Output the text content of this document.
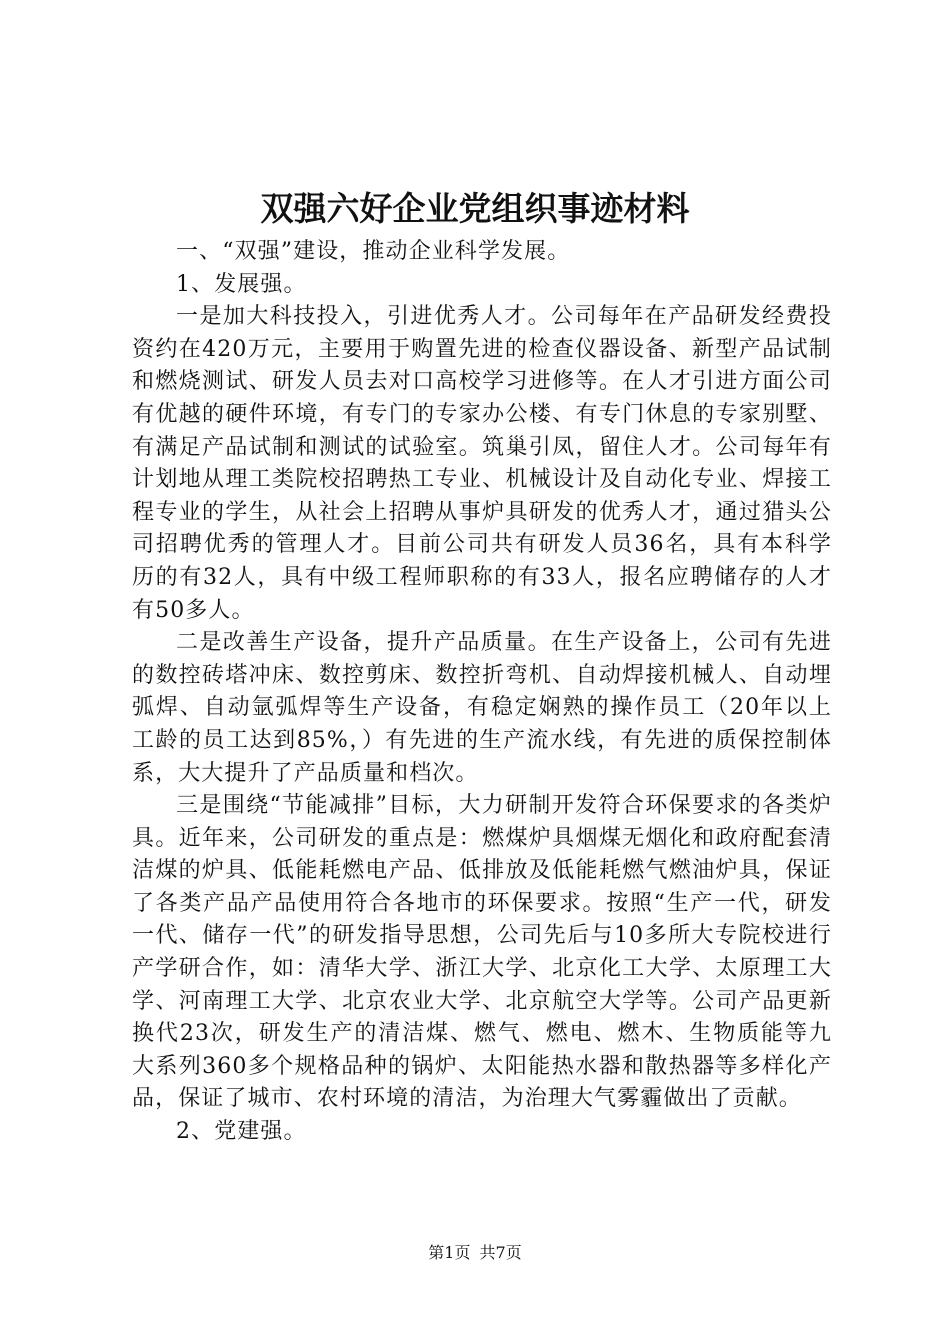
双强六好企业党组织事迹材料

一、“双强”建设，推动企业科学发展。

1、发展强。

一是加大科技投入，引进优秀人才。公司每年在产品研发经费投资约在420万元，主要用于购置先进的检查仪器设备、新型产品试制和燃烧测试、研发人员去对口高校学习进修等。在人才引进方面公司有优越的硬件环境，有专门的专家办公楼、有专门休息的专家别墅、有满足产品试制和测试的试验室。筑巢引凤，留住人才。公司每年有计划地从理工类院校招聘热工专业、机械设计及自动化专业、焊接工程专业的学生，从社会上招聘从事炉具研发的优秀人才，通过猎头公司招聘优秀的管理人才。目前公司共有研发人员36名，具有本科学历的有32人，具有中级工程师职称的有33人，报名应聘储存的人才有50多人。

二是改善生产设备，提升产品质量。在生产设备上，公司有先进的数控砖塔冲床、数控剪床、数控折弯机、自动焊接机械人、自动埋弧焊、自动氩弧焊等生产设备，有稳定娴熟的操作员工（20年以上工龄的员工达到85%，）有先进的生产流水线，有先进的质保控制体系，大大提升了产品质量和档次。

三是围绕“节能减排”目标，大力研制开发符合环保要求的各类炉具。近年来，公司研发的重点是：燃煤炉具烟煤无烟化和政府配套清洁煤的炉具、低能耗燃电产品、低排放及低能耗燃气燃油炉具，保证了各类产品产品使用符合各地市的环保要求。按照“生产一代，研发一代、储存一代”的研发指导思想，公司先后与10多所大专院校进行产学研合作，如：清华大学、浙江大学、北京化工大学、太原理工大学、河南理工大学、北京农业大学、北京航空大学等。公司产品更新换代23次，研发生产的清洁煤、燃气、燃电、燃木、生物质能等九大系列360多个规格品种的锅炉、太阳能热水器和散热器等多样化产品，保证了城市、农村环境的清洁，为治理大气雾霾做出了贡献。

2、党建强。

第1页 共7页
